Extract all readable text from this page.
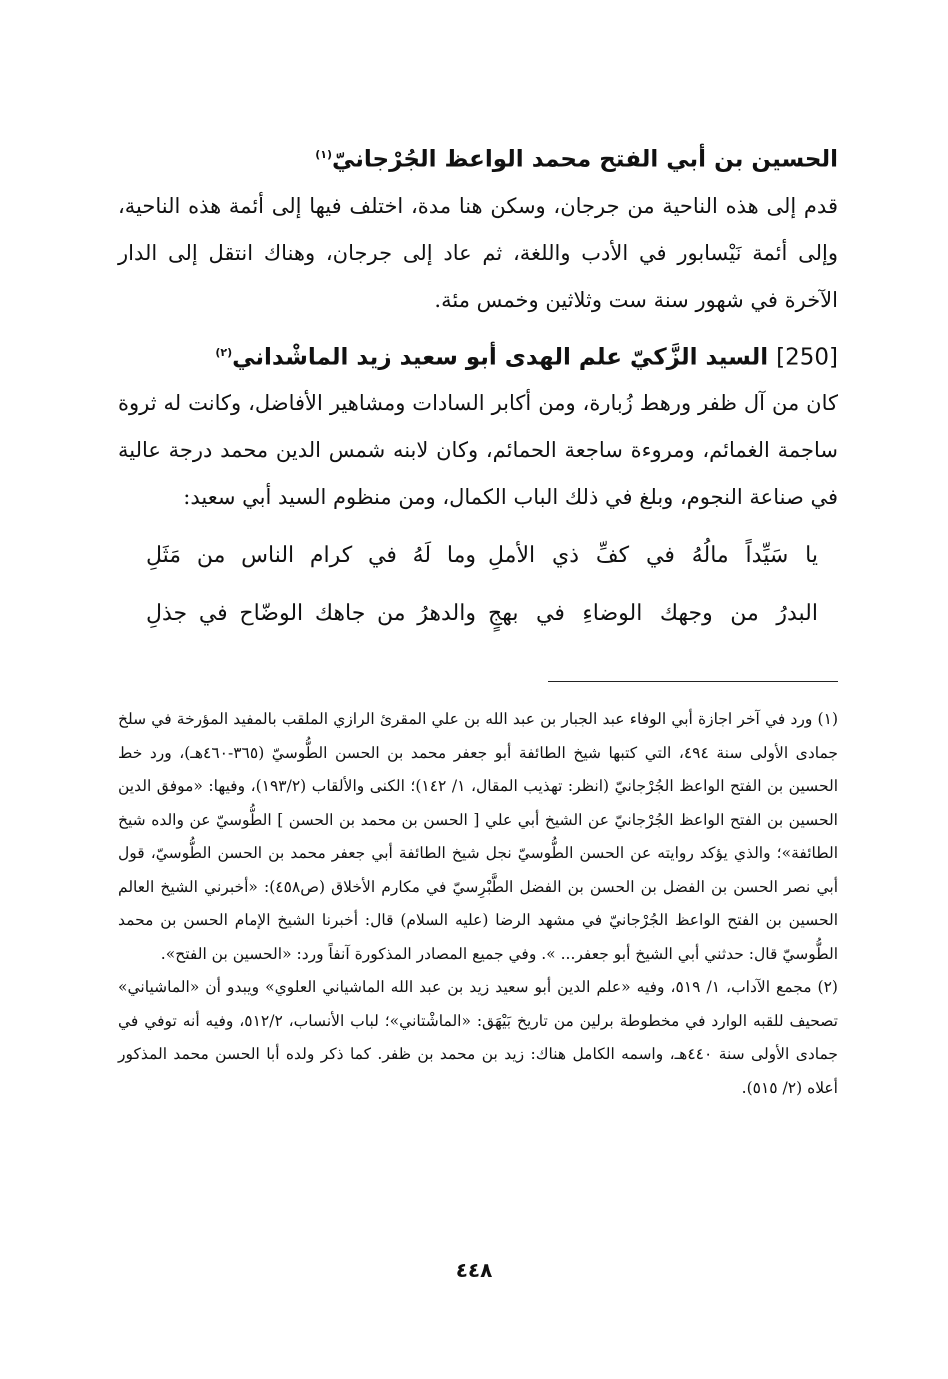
الحسين بن أبي الفتح محمد الواعظ الجُرْجانيّ$^{(١)}$

قدم إلى هذه الناحية من جرجان، وسكن هنا مدة، اختلف فيها إلى أئمة هذه الناحية، وإلى أئمة نَيْسابور في الأدب واللغة، ثم عاد إلى جرجان، وهناك انتقل إلى الدار الآخرة في شهور سنة ست وثلاثين وخمس مئة.

[250] السيد الزَّكيّ علم الهدى أبو سعيد زيد الماشْداني$^{(٢)}$

كان من آل ظفر ورهط زُبارة، ومن أكابر السادات ومشاهير الأفاضل، وكانت له ثروة ساجمة الغمائم، ومروءة ساجعة الحمائم، وكان لابنه شمس الدين محمد درجة عالية في صناعة النجوم، وبلغ في ذلك الباب الكمال، ومن منظوم السيد أبي سعيد:

يا سَيِّداً مالُهُ في كفِّ ذي الأملِ
وما لَهُ في كرام الناس من مَثَلِ
البدرُ من وجهك الوضاءِ في بهجٍ
والدهرُ من جاهك الوضّاح في جذلِ

(١) ورد في آخر اجازة أبي الوفاء عبد الجبار بن عبد الله بن علي المقرئ الرازي الملقب بالمفيد المؤرخة في سلخ جمادى الأولى سنة ٤٩٤، التي كتبها شيخ الطائفة أبو جعفر محمد بن الحسن الطُّوسيّ (٣٦٥-٤٦٠هـ)، ورد خط الحسين بن الفتح الواعظ الجُرْجانيّ (انظر: تهذيب المقال، ١/ ١٤٢)؛ الكنى والألقاب (١٩٣/٢)، وفيها: «موفق الدين الحسين بن الفتح الواعظ الجُرْجانيّ عن الشيخ أبي علي [ الحسن بن محمد بن الحسن ] الطُّوسيّ عن والده شيخ الطائفة»؛ والذي يؤكد روايته عن الحسن الطُّوسيّ نجل شيخ الطائفة أبي جعفر محمد بن الحسن الطُّوسيّ، قول أبي نصر الحسن بن الفضل بن الحسن بن الفضل الطَّبْرِسيّ في مكارم الأخلاق (ص٤٥٨): «أخبرني الشيخ العالم الحسين بن الفتح الواعظ الجُرْجانيّ في مشهد الرضا (عليه السلام) قال: أخبرنا الشيخ الإمام الحسن بن محمد الطُّوسيّ قال: حدثني أبي الشيخ أبو جعفر... ». وفي جميع المصادر المذكورة آنفاً ورد: «الحسين بن الفتح».

(٢) مجمع الآداب، ١/ ٥١٩، وفيه «علم الدين أبو سعيد زيد بن عبد الله الماشياني العلوي» ويبدو أن «الماشياني» تصحيف للقبه الوارد في مخطوطة برلين من تاريخ بَيْهَق: «الماشْتاني»؛ لباب الأنساب، ٥١٢/٢، وفيه أنه توفي في جمادى الأولى سنة ٤٤٠هـ، واسمه الكامل هناك: زيد بن محمد بن ظفر. كما ذكر ولده أبا الحسن محمد المذكور أعلاه (٢/ ٥١٥).

٤٤٨
